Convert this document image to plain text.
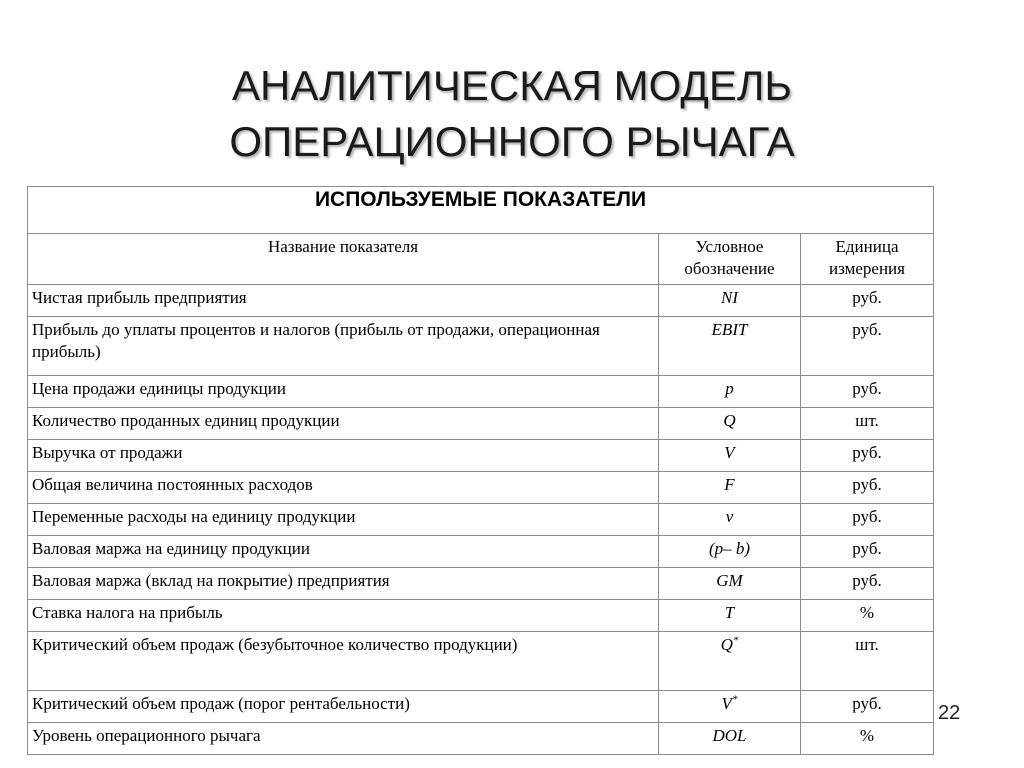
АНАЛИТИЧЕСКАЯ МОДЕЛЬ
ОПЕРАЦИОННОГО РЫЧАГА
ИСПОЛЬЗУЕМЫЕ ПОКАЗАТЕЛИ		
Название показателя	Условное обозначение	Единица измерения
Чистая прибыль предприятия	NI	руб.
Прибыль до уплаты процентов и налогов (прибыль от продажи, операционная прибыль)	EBIT	руб.
Цена продажи единицы продукции	p	руб.
Количество проданных единиц продукции	Q	шт.
Выручка от продажи	V	руб.
Общая величина постоянных расходов	F	руб.
Переменные расходы на единицу продукции	v	руб.
Валовая маржа на единицу продукции	(p– b)	руб.
Валовая маржа (вклад на покрытие) предприятия	GM	руб.
Ставка налога на прибыль	T	%
Критический объем продаж (безубыточное количество продукции)	Q*	шт.
Критический объем продаж (порог рентабельности)	V*	руб.
Уровень операционного рычага	DOL	%
22
